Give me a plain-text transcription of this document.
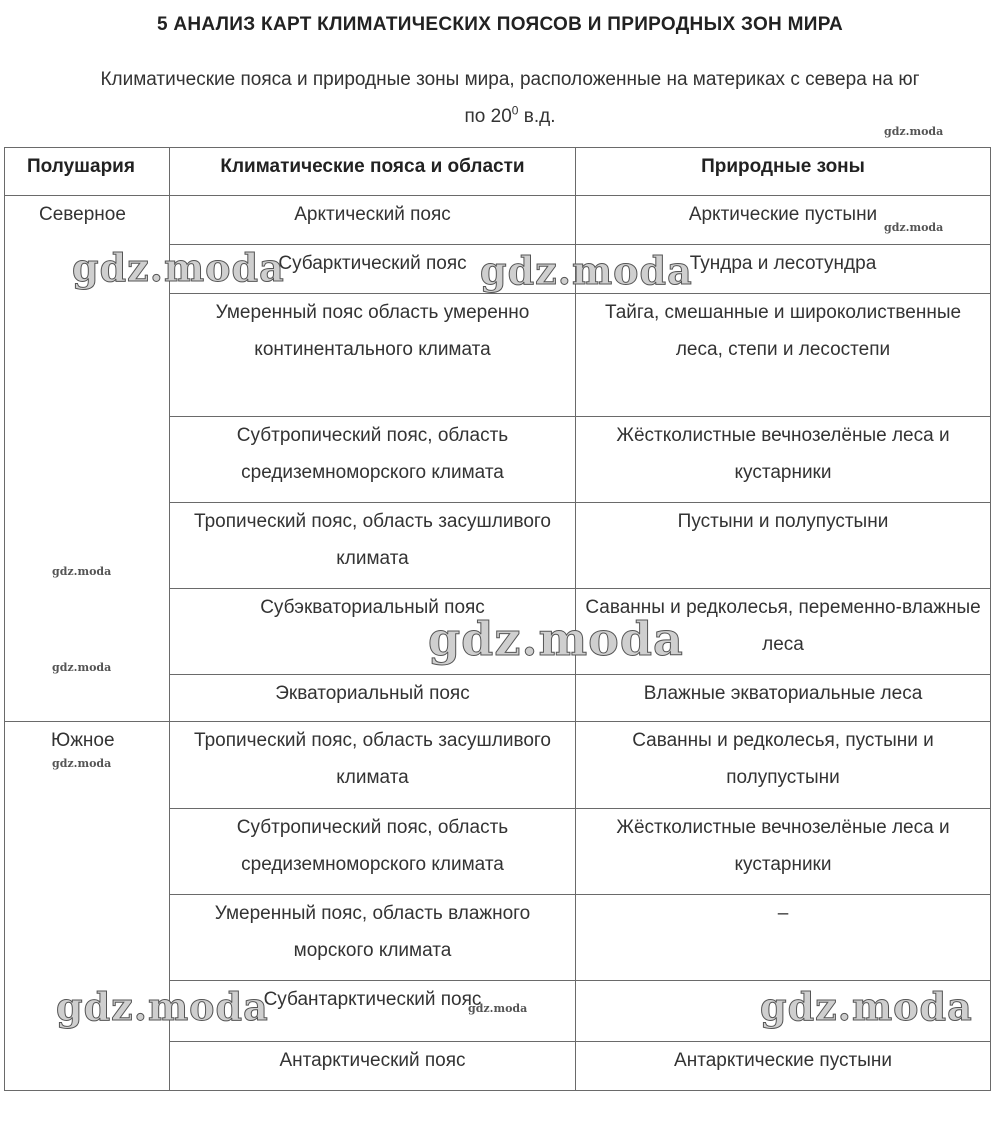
5 АНАЛИЗ КАРТ КЛИМАТИЧЕСКИХ ПОЯСОВ И ПРИРОДНЫХ ЗОН МИРА
Климатические пояса и природные зоны мира, расположенные на материках с севера на юг
по $20^0$ в.д.
Полушария	Климатические пояса и области	Природные зоны
Северное	Арктический пояс	Арктические пустыни
	Субарктический пояс	Тундра и лесотундра
	Умеренный пояс область умеренно континентального климата	Тайга, смешанные и широколиственные леса, степи и лесостепи
	Субтропический пояс, область средиземноморского климата	Жёстколистные вечнозелёные леса и кустарники
	Тропический пояс, область засушливого климата	Пустыни и полупустыни
	Субэкваториальный пояс	Саванны и редколесья, переменно-влажные леса
	Экваториальный пояс	Влажные экваториальные леса
Южное	Тропический пояс, область засушливого климата	Саванны и редколесья, пустыни и полупустыни
	Субтропический пояс, область средиземноморского климата	Жёстколистные вечнозелёные леса и кустарники
	Умеренный пояс, область влажного морского климата	–
	Субантарктический пояс	
	Антарктический пояс	Антарктические пустыни
gdz.moda
gdz.moda
gdz.moda	gdz.moda
gdz.moda
gdz.moda
gdz.moda
gdz.moda
gdz.moda	gdz.moda	gdz.moda
